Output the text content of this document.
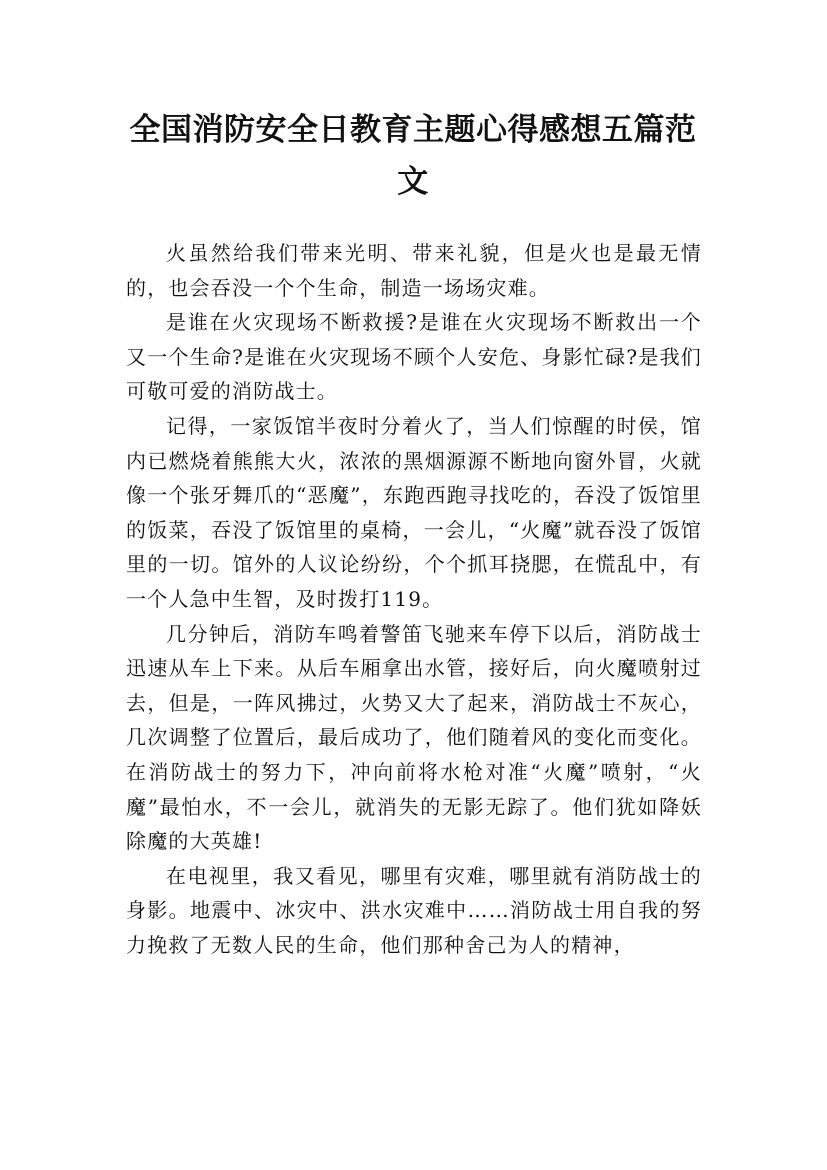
全国消防安全日教育主题心得感想五篇范文

火虽然给我们带来光明、带来礼貌，但是火也是最无情的，也会吞没一个个生命，制造一场场灾难。

是谁在火灾现场不断救援?是谁在火灾现场不断救出一个又一个生命?是谁在火灾现场不顾个人安危、身影忙碌?是我们可敬可爱的消防战士。

记得，一家饭馆半夜时分着火了，当人们惊醒的时侯，馆内已燃烧着熊熊大火，浓浓的黑烟源源不断地向窗外冒，火就像一个张牙舞爪的“恶魔”，东跑西跑寻找吃的，吞没了饭馆里的饭菜，吞没了饭馆里的桌椅，一会儿，“火魔”就吞没了饭馆里的一切。馆外的人议论纷纷，个个抓耳挠腮，在慌乱中，有一个人急中生智，及时拨打119。

几分钟后，消防车鸣着警笛飞驰来车停下以后，消防战士迅速从车上下来。从后车厢拿出水管，接好后，向火魔喷射过去，但是，一阵风拂过，火势又大了起来，消防战士不灰心，几次调整了位置后，最后成功了，他们随着风的变化而变化。在消防战士的努力下，冲向前将水枪对准“火魔”喷射，“火魔”最怕水，不一会儿，就消失的无影无踪了。他们犹如降妖除魔的大英雄!

在电视里，我又看见，哪里有灾难，哪里就有消防战士的身影。地震中、冰灾中、洪水灾难中……消防战士用自我的努力挽救了无数人民的生命，他们那种舍己为人的精神，
